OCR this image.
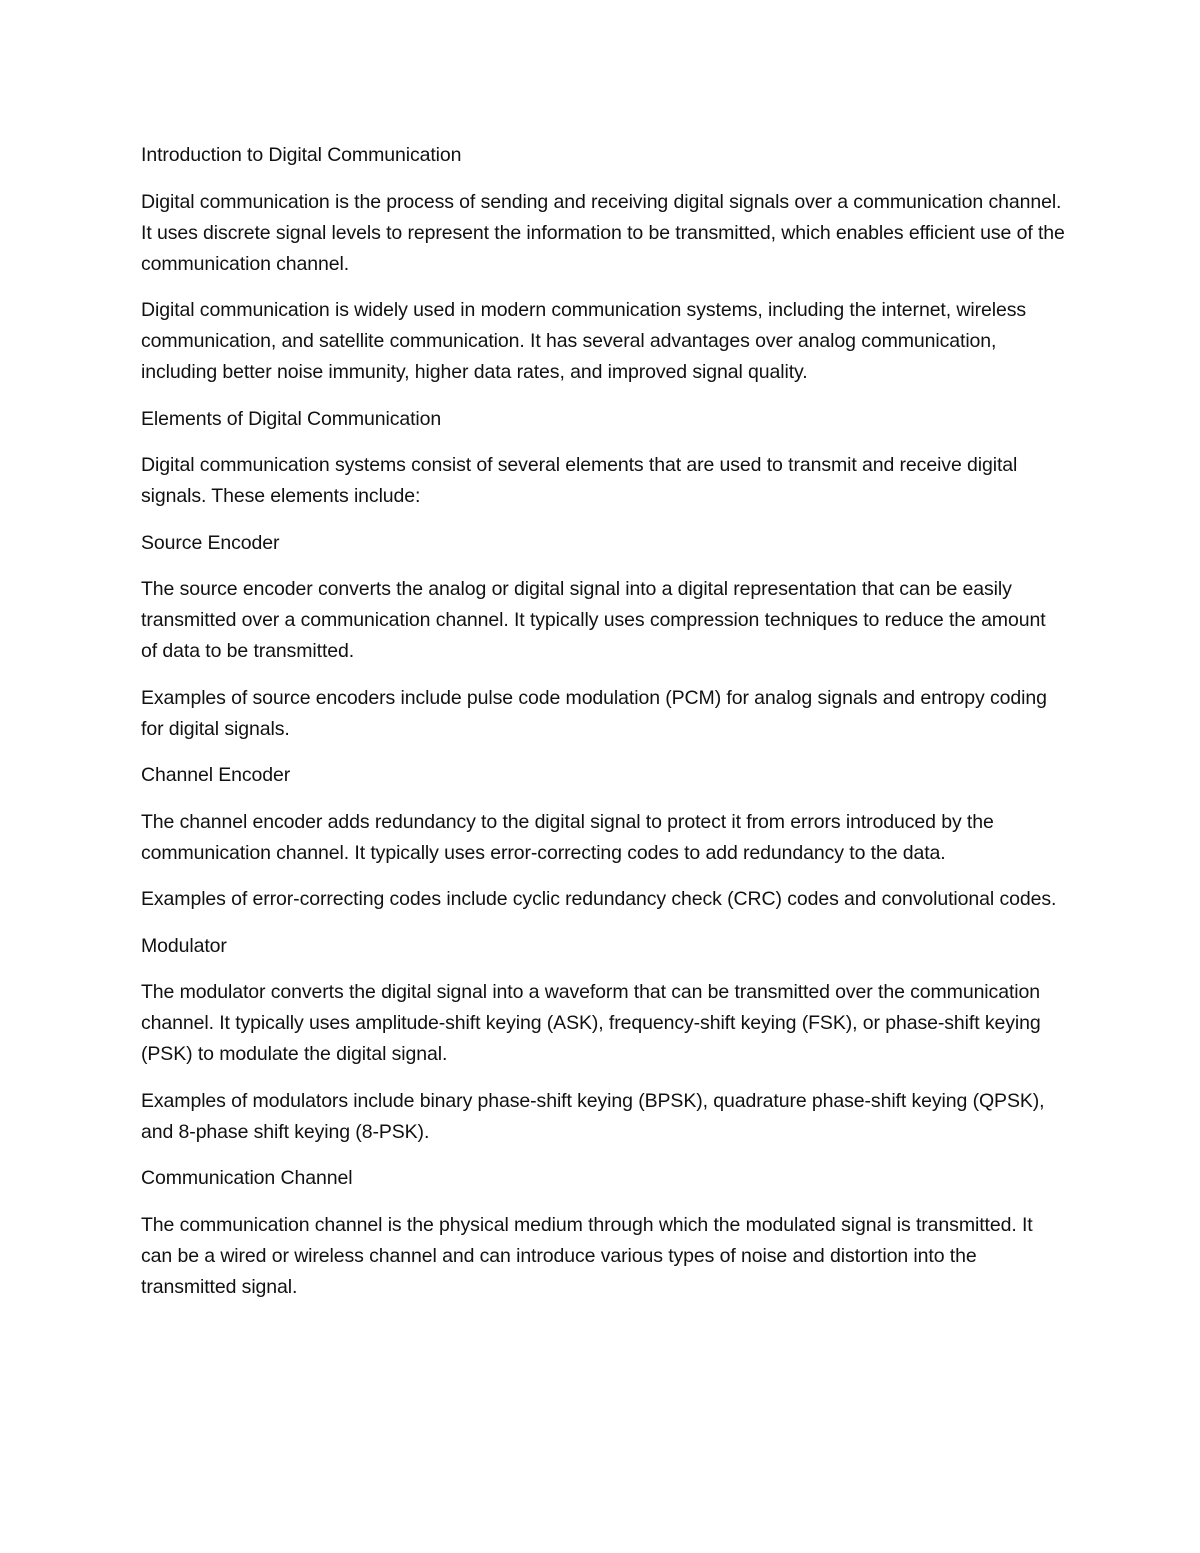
Introduction to Digital Communication

Digital communication is the process of sending and receiving digital signals over a communication channel. It uses discrete signal levels to represent the information to be transmitted, which enables efficient use of the communication channel.

Digital communication is widely used in modern communication systems, including the internet, wireless communication, and satellite communication. It has several advantages over analog communication, including better noise immunity, higher data rates, and improved signal quality.

Elements of Digital Communication

Digital communication systems consist of several elements that are used to transmit and receive digital signals. These elements include:

Source Encoder

The source encoder converts the analog or digital signal into a digital representation that can be easily transmitted over a communication channel. It typically uses compression techniques to reduce the amount of data to be transmitted.

Examples of source encoders include pulse code modulation (PCM) for analog signals and entropy coding for digital signals.

Channel Encoder

The channel encoder adds redundancy to the digital signal to protect it from errors introduced by the communication channel. It typically uses error-correcting codes to add redundancy to the data.

Examples of error-correcting codes include cyclic redundancy check (CRC) codes and convolutional codes.

Modulator

The modulator converts the digital signal into a waveform that can be transmitted over the communication channel. It typically uses amplitude-shift keying (ASK), frequency-shift keying (FSK), or phase-shift keying (PSK) to modulate the digital signal.

Examples of modulators include binary phase-shift keying (BPSK), quadrature phase-shift keying (QPSK), and 8-phase shift keying (8-PSK).

Communication Channel

The communication channel is the physical medium through which the modulated signal is transmitted. It can be a wired or wireless channel and can introduce various types of noise and distortion into the transmitted signal.
